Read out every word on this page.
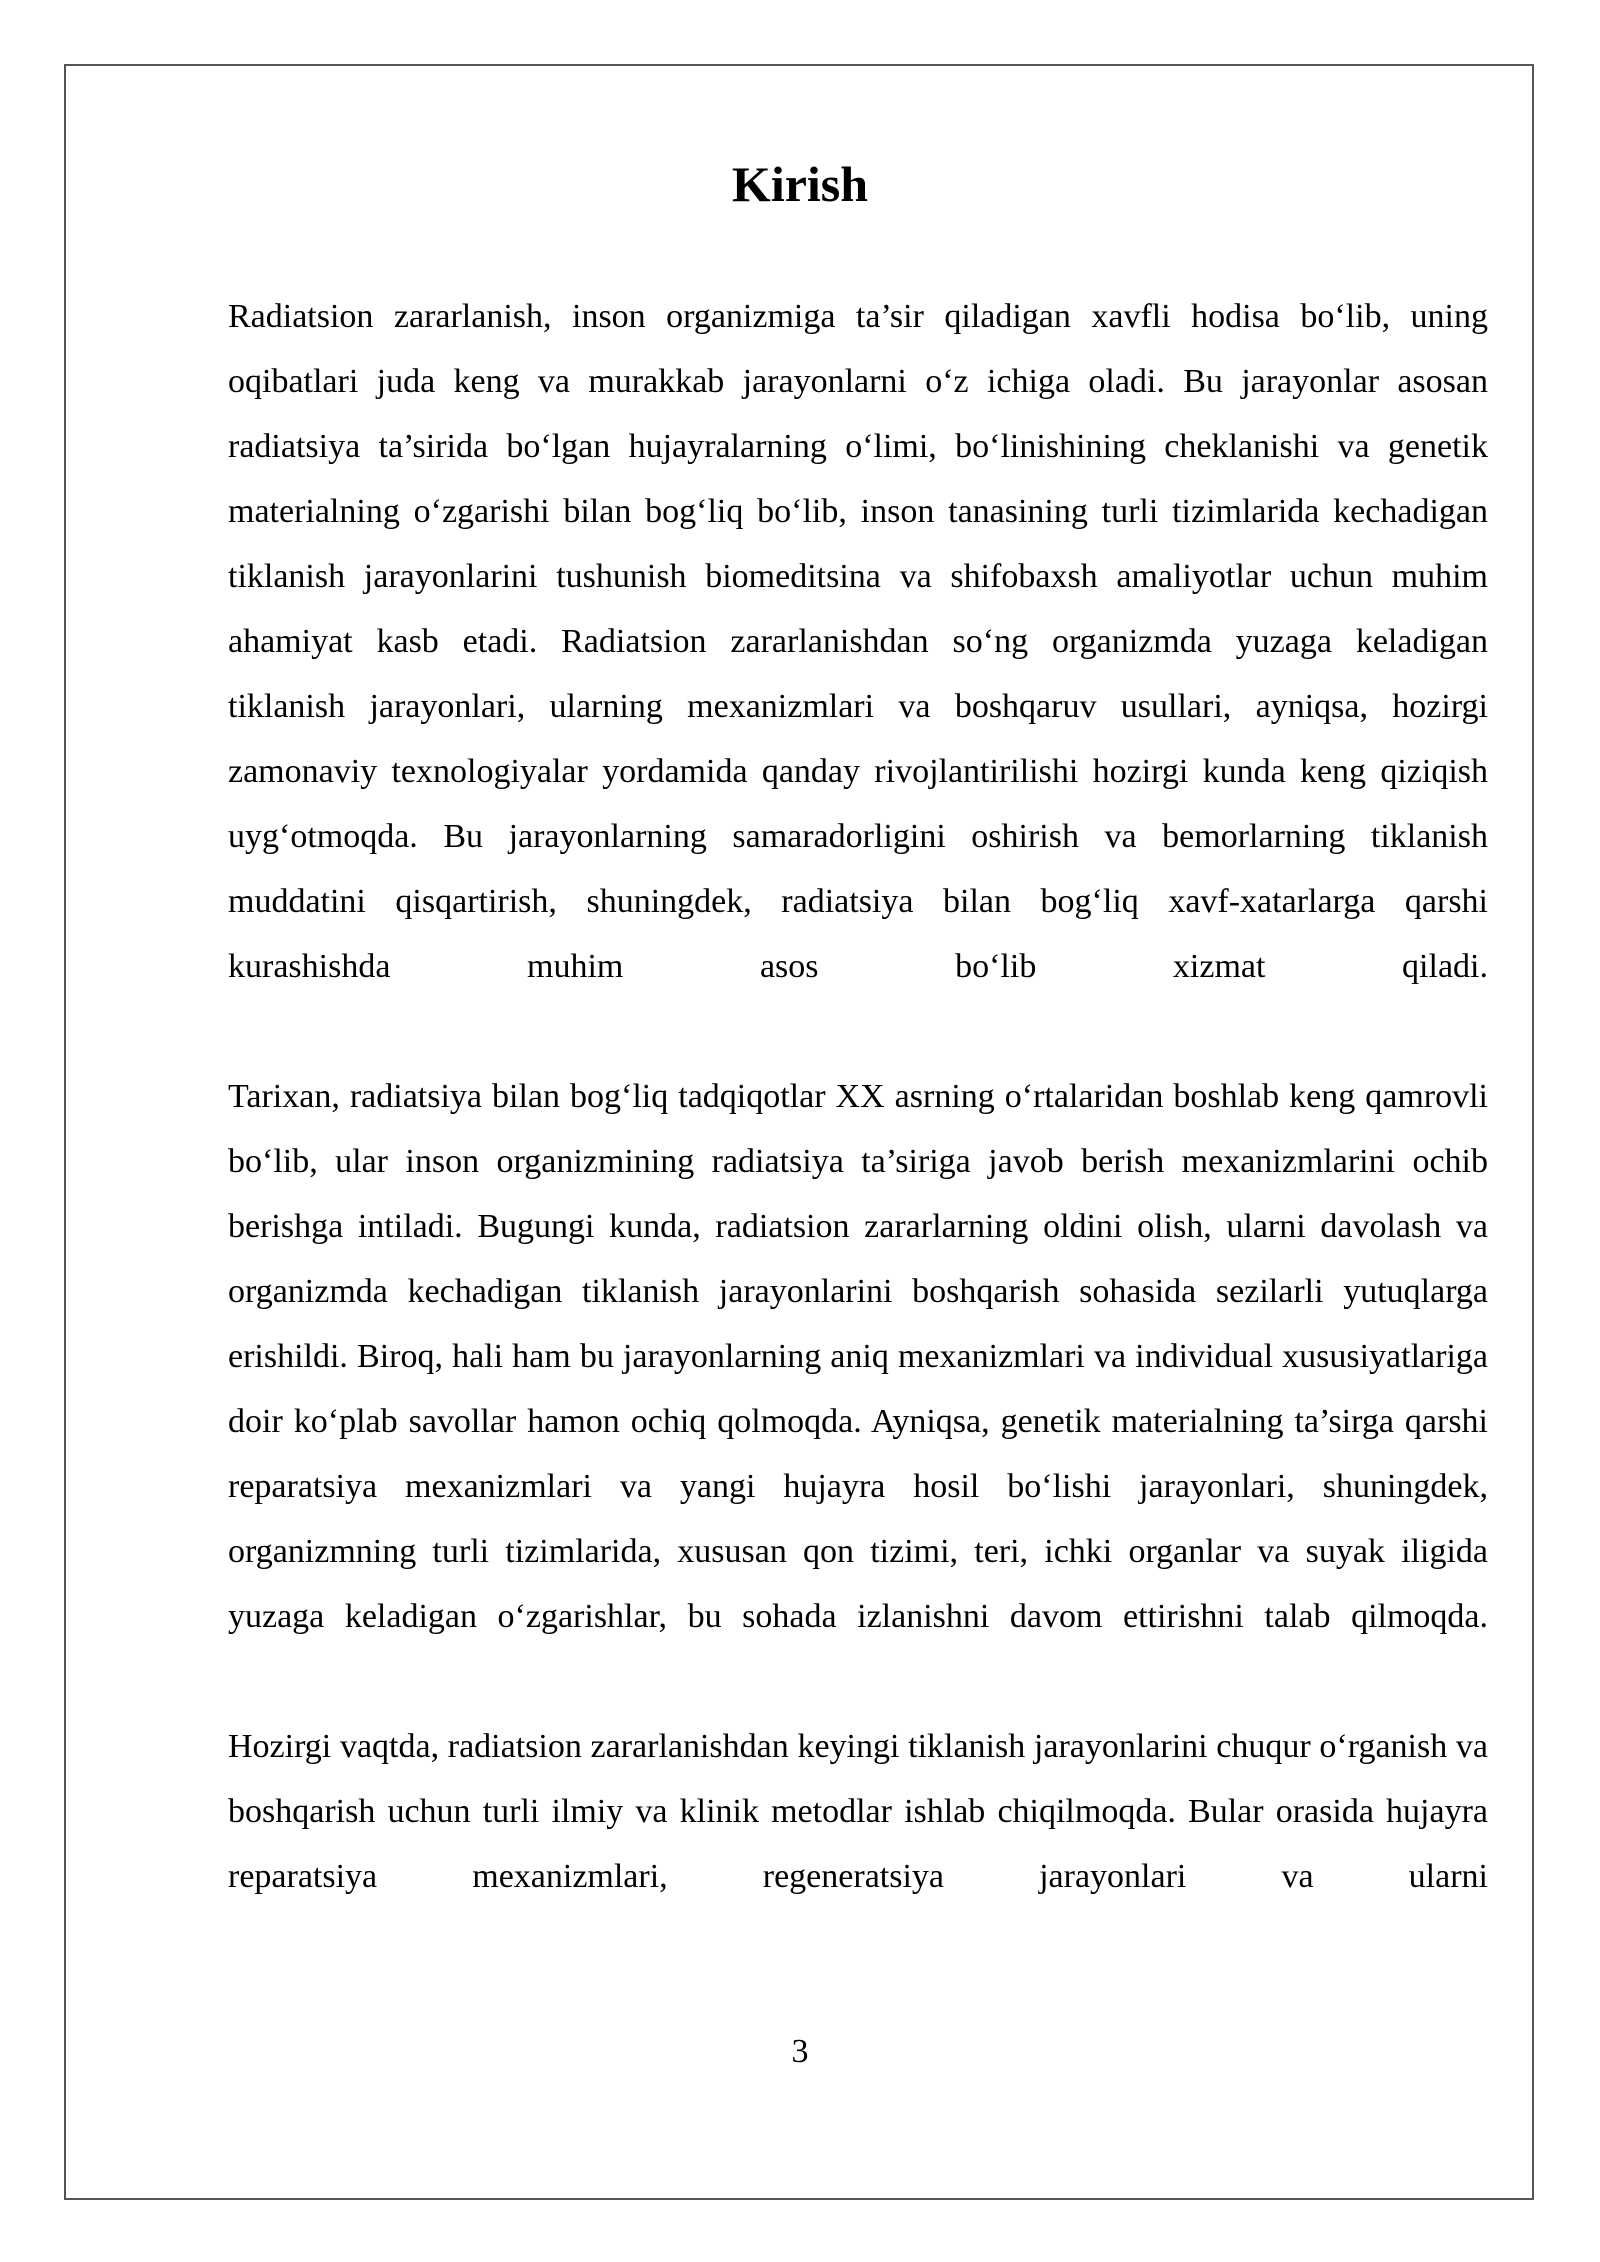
Kirish

Radiatsion zararlanish, inson organizmiga ta’sir qiladigan xavfli hodisa bo‘lib, uning oqibatlari juda keng va murakkab jarayonlarni o‘z ichiga oladi. Bu jarayonlar asosan radiatsiya ta’sirida bo‘lgan hujayralarning o‘limi, bo‘linishining cheklanishi va genetik materialning o‘zgarishi bilan bog‘liq bo‘lib, inson tanasining turli tizimlarida kechadigan tiklanish jarayonlarini tushunish biomeditsina va shifobaxsh amaliyotlar uchun muhim ahamiyat kasb etadi. Radiatsion zararlanishdan so‘ng organizmda yuzaga keladigan tiklanish jarayonlari, ularning mexanizmlari va boshqaruv usullari, ayniqsa, hozirgi zamonaviy texnologiyalar yordamida qanday rivojlantirilishi hozirgi kunda keng qiziqish uyg‘otmoqda. Bu jarayonlarning samaradorligini oshirish va bemorlarning tiklanish muddatini qisqartirish, shuningdek, radiatsiya bilan bog‘liq xavf-xatarlarga qarshi kurashishda muhim asos bo‘lib xizmat qiladi.

Tarixan, radiatsiya bilan bog‘liq tadqiqotlar XX asrning o‘rtalaridan boshlab keng qamrovli bo‘lib, ular inson organizmining radiatsiya ta’siriga javob berish mexanizmlarini ochib berishga intiladi. Bugungi kunda, radiatsion zararlarning oldini olish, ularni davolash va organizmda kechadigan tiklanish jarayonlarini boshqarish sohasida sezilarli yutuqlarga erishildi. Biroq, hali ham bu jarayonlarning aniq mexanizmlari va individual xususiyatlariga doir ko‘plab savollar hamon ochiq qolmoqda. Ayniqsa, genetik materialning ta’sirga qarshi reparatsiya mexanizmlari va yangi hujayra hosil bo‘lishi jarayonlari, shuningdek, organizmning turli tizimlarida, xususan qon tizimi, teri, ichki organlar va suyak iligida yuzaga keladigan o‘zgarishlar, bu sohada izlanishni davom ettirishni talab qilmoqda.

Hozirgi vaqtda, radiatsion zararlanishdan keyingi tiklanish jarayonlarini chuqur o‘rganish va boshqarish uchun turli ilmiy va klinik metodlar ishlab chiqilmoqda. Bular orasida hujayra reparatsiya mexanizmlari, regeneratsiya jarayonlari va ularni

3
